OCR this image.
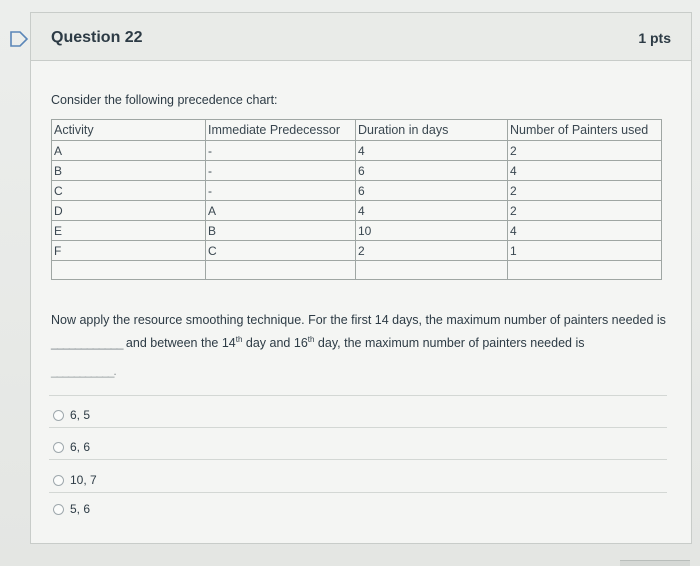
Question 22	1 pts
Consider the following precedence chart:
Activity	Immediate Predecessor	Duration in days	Number of Painters used
A	-	4	2
B	-	6	4
C	-	6	2
D	A	4	2
E	B	10	4
F	C	2	1

Now apply the resource smoothing technique. For the first 14 days, the maximum number of painters needed is ____________ and between the 14th day and 16th day, the maximum number of painters needed is
___________.
6, 5
6, 6
10, 7
5, 6
